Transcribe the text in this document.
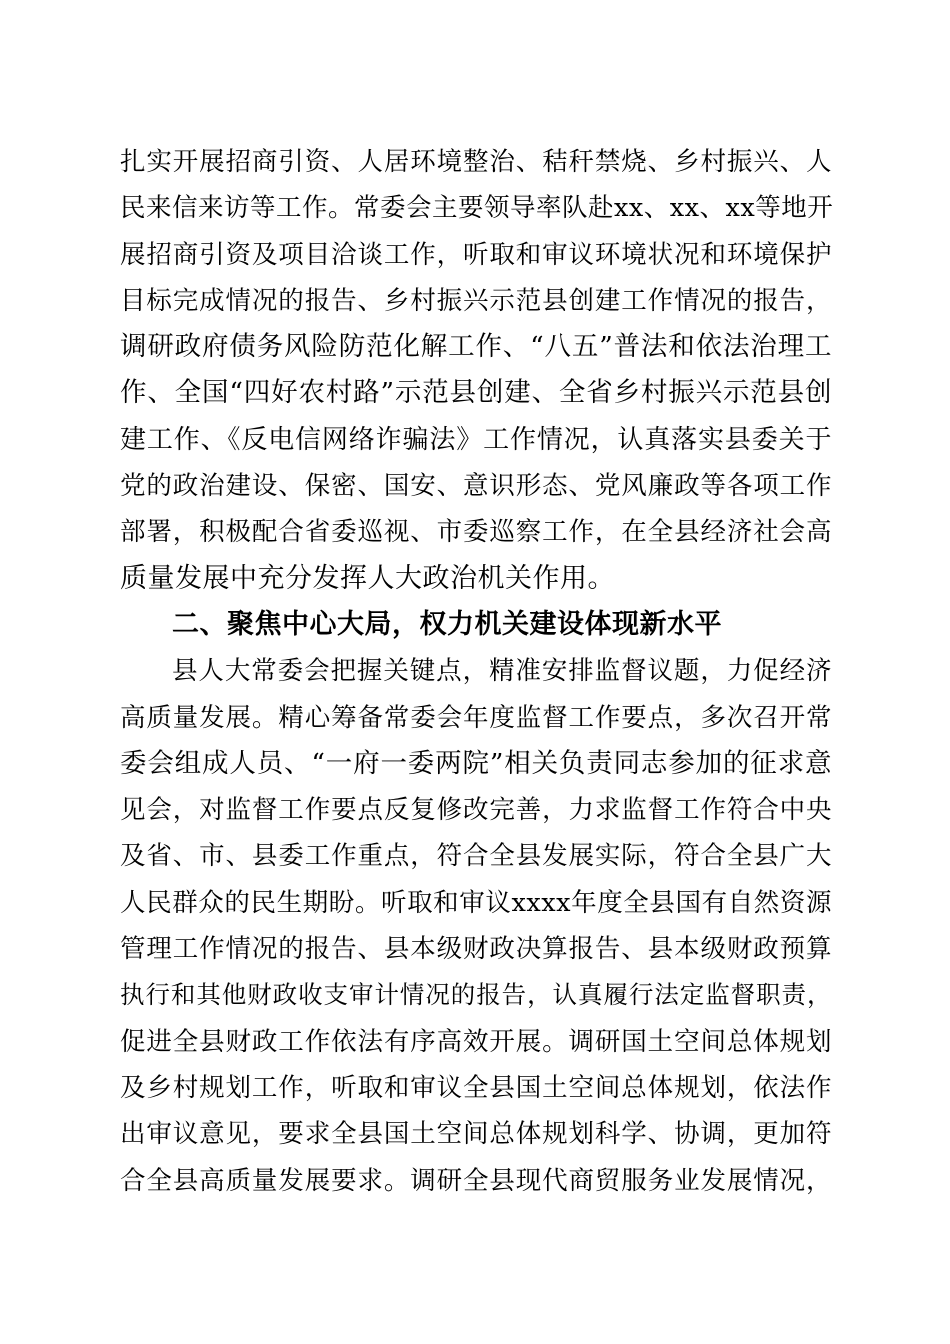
扎实开展招商引资、人居环境整治、秸秆禁烧、乡村振兴、人
民来信来访等工作。常委会主要领导率队赴xx、xx、xx等地开
展招商引资及项目洽谈工作，听取和审议环境状况和环境保护
目标完成情况的报告、乡村振兴示范县创建工作情况的报告，
调研政府债务风险防范化解工作、“八五”普法和依法治理工
作、全国“四好农村路”示范县创建、全省乡村振兴示范县创
建工作、《反电信网络诈骗法》工作情况，认真落实县委关于
党的政治建设、保密、国安、意识形态、党风廉政等各项工作
部署，积极配合省委巡视、市委巡察工作，在全县经济社会高
质量发展中充分发挥人大政治机关作用。
二、聚焦中心大局，权力机关建设体现新水平
县人大常委会把握关键点，精准安排监督议题，力促经济
高质量发展。精心筹备常委会年度监督工作要点，多次召开常
委会组成人员、“一府一委两院”相关负责同志参加的征求意
见会，对监督工作要点反复修改完善，力求监督工作符合中央
及省、市、县委工作重点，符合全县发展实际，符合全县广大
人民群众的民生期盼。听取和审议xxxx年度全县国有自然资源
管理工作情况的报告、县本级财政决算报告、县本级财政预算
执行和其他财政收支审计情况的报告，认真履行法定监督职责，
促进全县财政工作依法有序高效开展。调研国土空间总体规划
及乡村规划工作，听取和审议全县国土空间总体规划，依法作
出审议意见，要求全县国土空间总体规划科学、协调，更加符
合全县高质量发展要求。调研全县现代商贸服务业发展情况，
